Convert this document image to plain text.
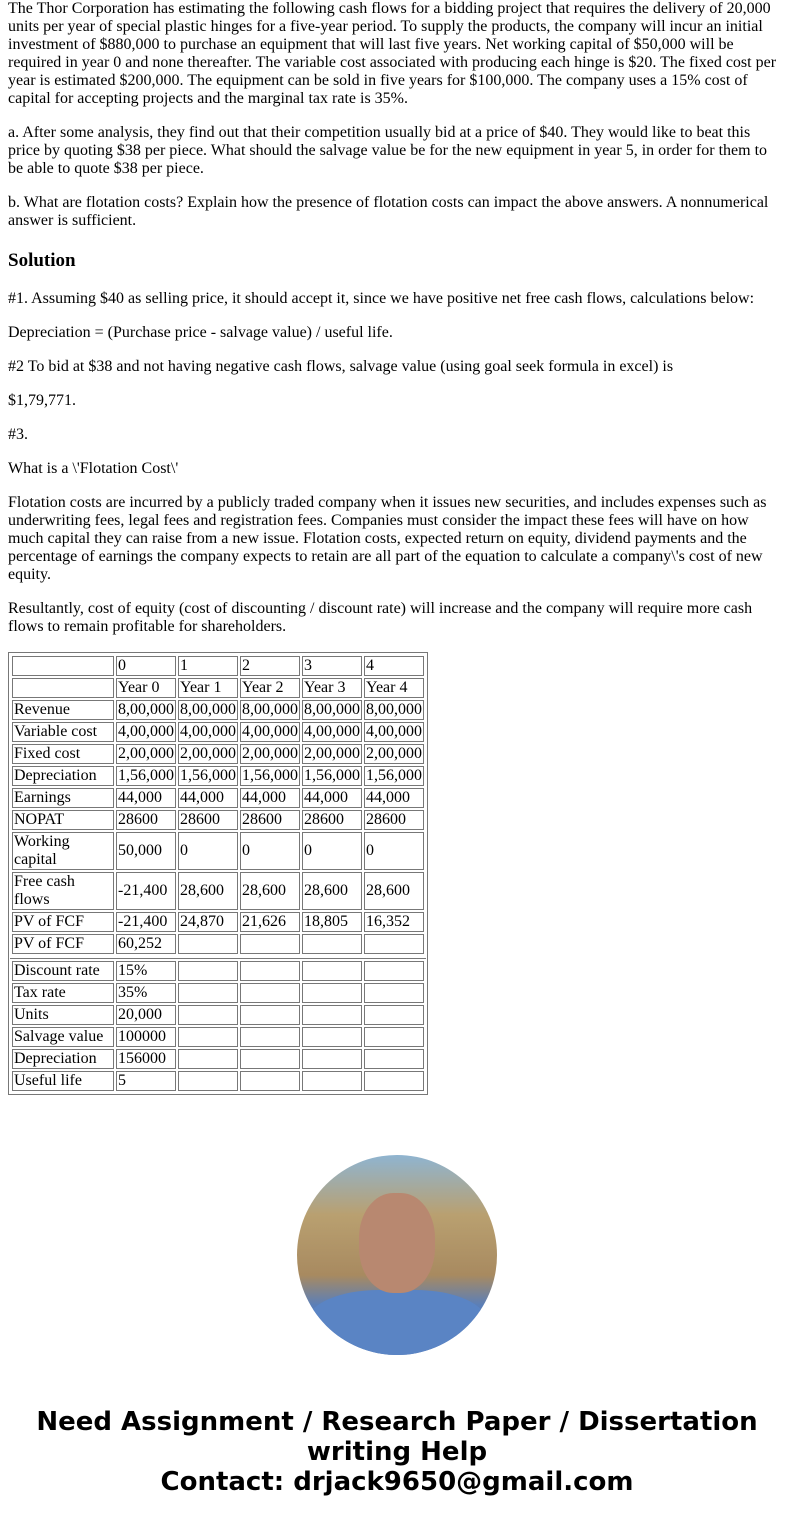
The Thor Corporation has estimating the following cash flows for a bidding project that requires the delivery of 20,000 units per year of special plastic hinges for a five-year period. To supply the products, the company will incur an initial investment of $880,000 to purchase an equipment that will last five years. Net working capital of $50,000 will be required in year 0 and none thereafter. The variable cost associated with producing each hinge is $20. The fixed cost per year is estimated $200,000. The equipment can be sold in five years for $100,000. The company uses a 15% cost of capital for accepting projects and the marginal tax rate is 35%.

a. After some analysis, they find out that their competition usually bid at a price of $40. They would like to beat this price by quoting $38 per piece. What should the salvage value be for the new equipment in year 5, in order for them to be able to quote $38 per piece.

b. What are flotation costs? Explain how the presence of flotation costs can impact the above answers. A nonnumerical answer is sufficient.

Solution

#1. Assuming $40 as selling price, it should accept it, since we have positive net free cash flows, calculations below:

Depreciation = (Purchase price - salvage value) / useful life.

#2 To bid at $38 and not having negative cash flows, salvage value (using goal seek formula in excel) is

$1,79,771.

#3.

What is a \'Flotation Cost\'

Flotation costs are incurred by a publicly traded company when it issues new securities, and includes expenses such as underwriting fees, legal fees and registration fees. Companies must consider the impact these fees will have on how much capital they can raise from a new issue. Flotation costs, expected return on equity, dividend payments and the percentage of earnings the company expects to retain are all part of the equation to calculate a company\'s cost of new equity.

Resultantly, cost of equity (cost of discounting / discount rate) will increase and the company will require more cash flows to remain profitable for shareholders.

	0	1	2	3	4
	Year 0	Year 1	Year 2	Year 3	Year 4
Revenue	8,00,000	8,00,000	8,00,000	8,00,000	8,00,000
Variable cost	4,00,000	4,00,000	4,00,000	4,00,000	4,00,000
Fixed cost	2,00,000	2,00,000	2,00,000	2,00,000	2,00,000
Depreciation	1,56,000	1,56,000	1,56,000	1,56,000	1,56,000
Earnings	44,000	44,000	44,000	44,000	44,000
NOPAT	28600	28600	28600	28600	28600
Working capital	50,000	0	0	0	0
Free cash flows	-21,400	28,600	28,600	28,600	28,600
PV of FCF	-21,400	24,870	21,626	18,805	16,352
PV of FCF	60,252				
Discount rate	15%				
Tax rate	35%				
Units	20,000				
Salvage value	100000				
Depreciation	156000				
Useful life	5				
Need Assignment / Research Paper / Dissertation writing Help
Contact: drjack9650@gmail.com
